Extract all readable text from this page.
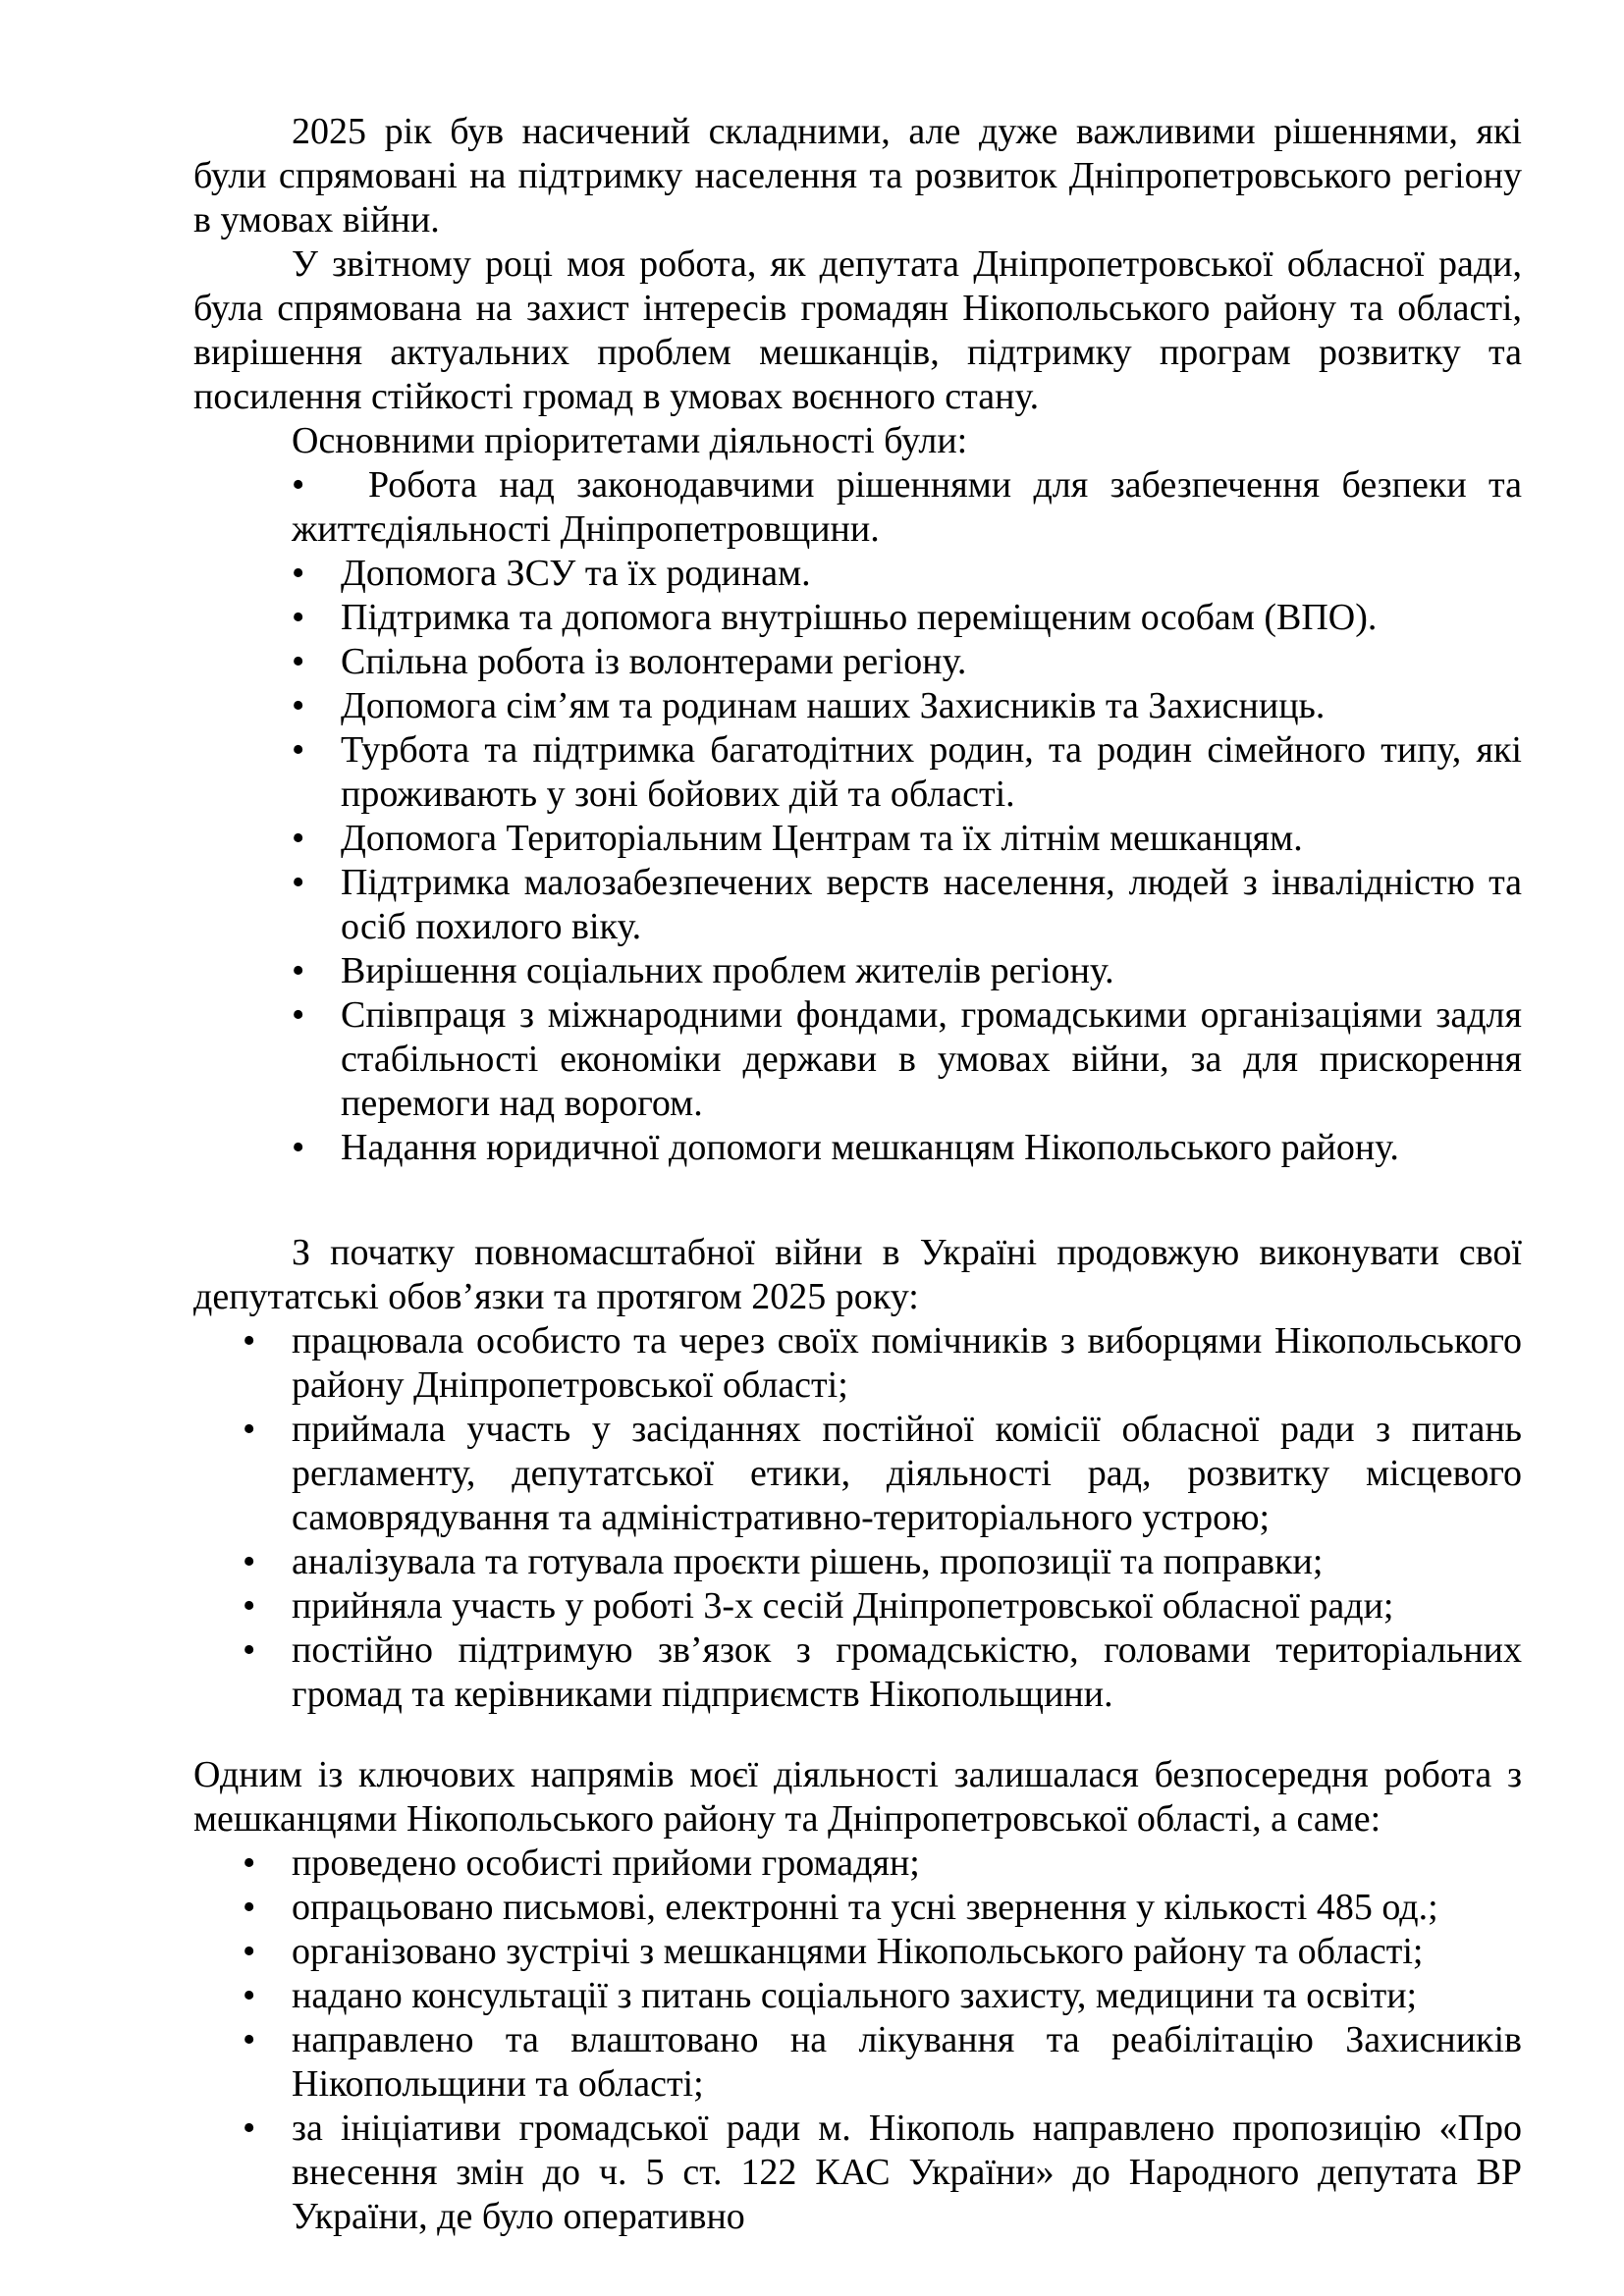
2025 рік був насичений складними, але дуже важливими рішеннями, які були спрямовані на підтримку населення та розвиток Дніпропетровського регіону в умовах війни.

У звітному році моя робота, як депутата Дніпропетровської обласної ради, була спрямована на захист інтересів громадян Нікопольського району та області, вирішення актуальних проблем мешканців, підтримку програм розвитку та посилення стійкості громад в умовах воєнного стану.

Основними пріоритетами діяльності були:

• Робота над законодавчими рішеннями для забезпечення безпеки та життєдіяльності Дніпропетровщини.
• Допомога ЗСУ та їх родинам.
• Підтримка та допомога внутрішньо переміщеним особам (ВПО).
• Спільна робота із волонтерами регіону.
• Допомога сім’ям та родинам наших Захисників та Захисниць.
• Турбота та підтримка багатодітних родин, та родин сімейного типу, які проживають у зоні бойових дій та області.
• Допомога Територіальним Центрам та їх літнім мешканцям.
• Підтримка малозабезпечених верств населення, людей з інвалідністю та осіб похилого віку.
• Вирішення соціальних проблем жителів регіону.
• Співпраця з міжнародними фондами, громадськими організаціями задля стабільності економіки держави в умовах війни, за для прискорення перемоги над ворогом.
• Надання юридичної допомоги мешканцям Нікопольського району.

З початку повномасштабної війни в Україні продовжую виконувати свої депутатські обов’язки та протягом 2025 року:

• працювала особисто та через своїх помічників з виборцями Нікопольського району Дніпропетровської області;
• приймала участь у засіданнях постійної комісії обласної ради з питань регламенту, депутатської етики, діяльності рад, розвитку місцевого самоврядування та адміністративно-територіального устрою;
• аналізувала та готувала проєкти рішень, пропозиції та поправки;
• прийняла участь у роботі 3-х сесій Дніпропетровської обласної ради;
• постійно підтримую зв’язок з громадськістю, головами територіальних громад та керівниками підприємств Нікопольщини.

Одним із ключових напрямів моєї діяльності залишалася безпосередня робота з мешканцями Нікопольського району та Дніпропетровської області, а саме:

• проведено особисті прийоми громадян;
• опрацьовано письмові, електронні та усні звернення у кількості 485 од.;
• організовано зустрічі з мешканцями Нікопольського району та області;
• надано консультації з питань соціального захисту, медицини та освіти;
• направлено та влаштовано на лікування та реабілітацію Захисників Нікопольщини та області;
• за ініціативи громадської ради м. Нікополь направлено пропозицію «Про внесення змін до ч. 5 ст. 122 КАС України» до Народного депутата ВР України, де було оперативно
